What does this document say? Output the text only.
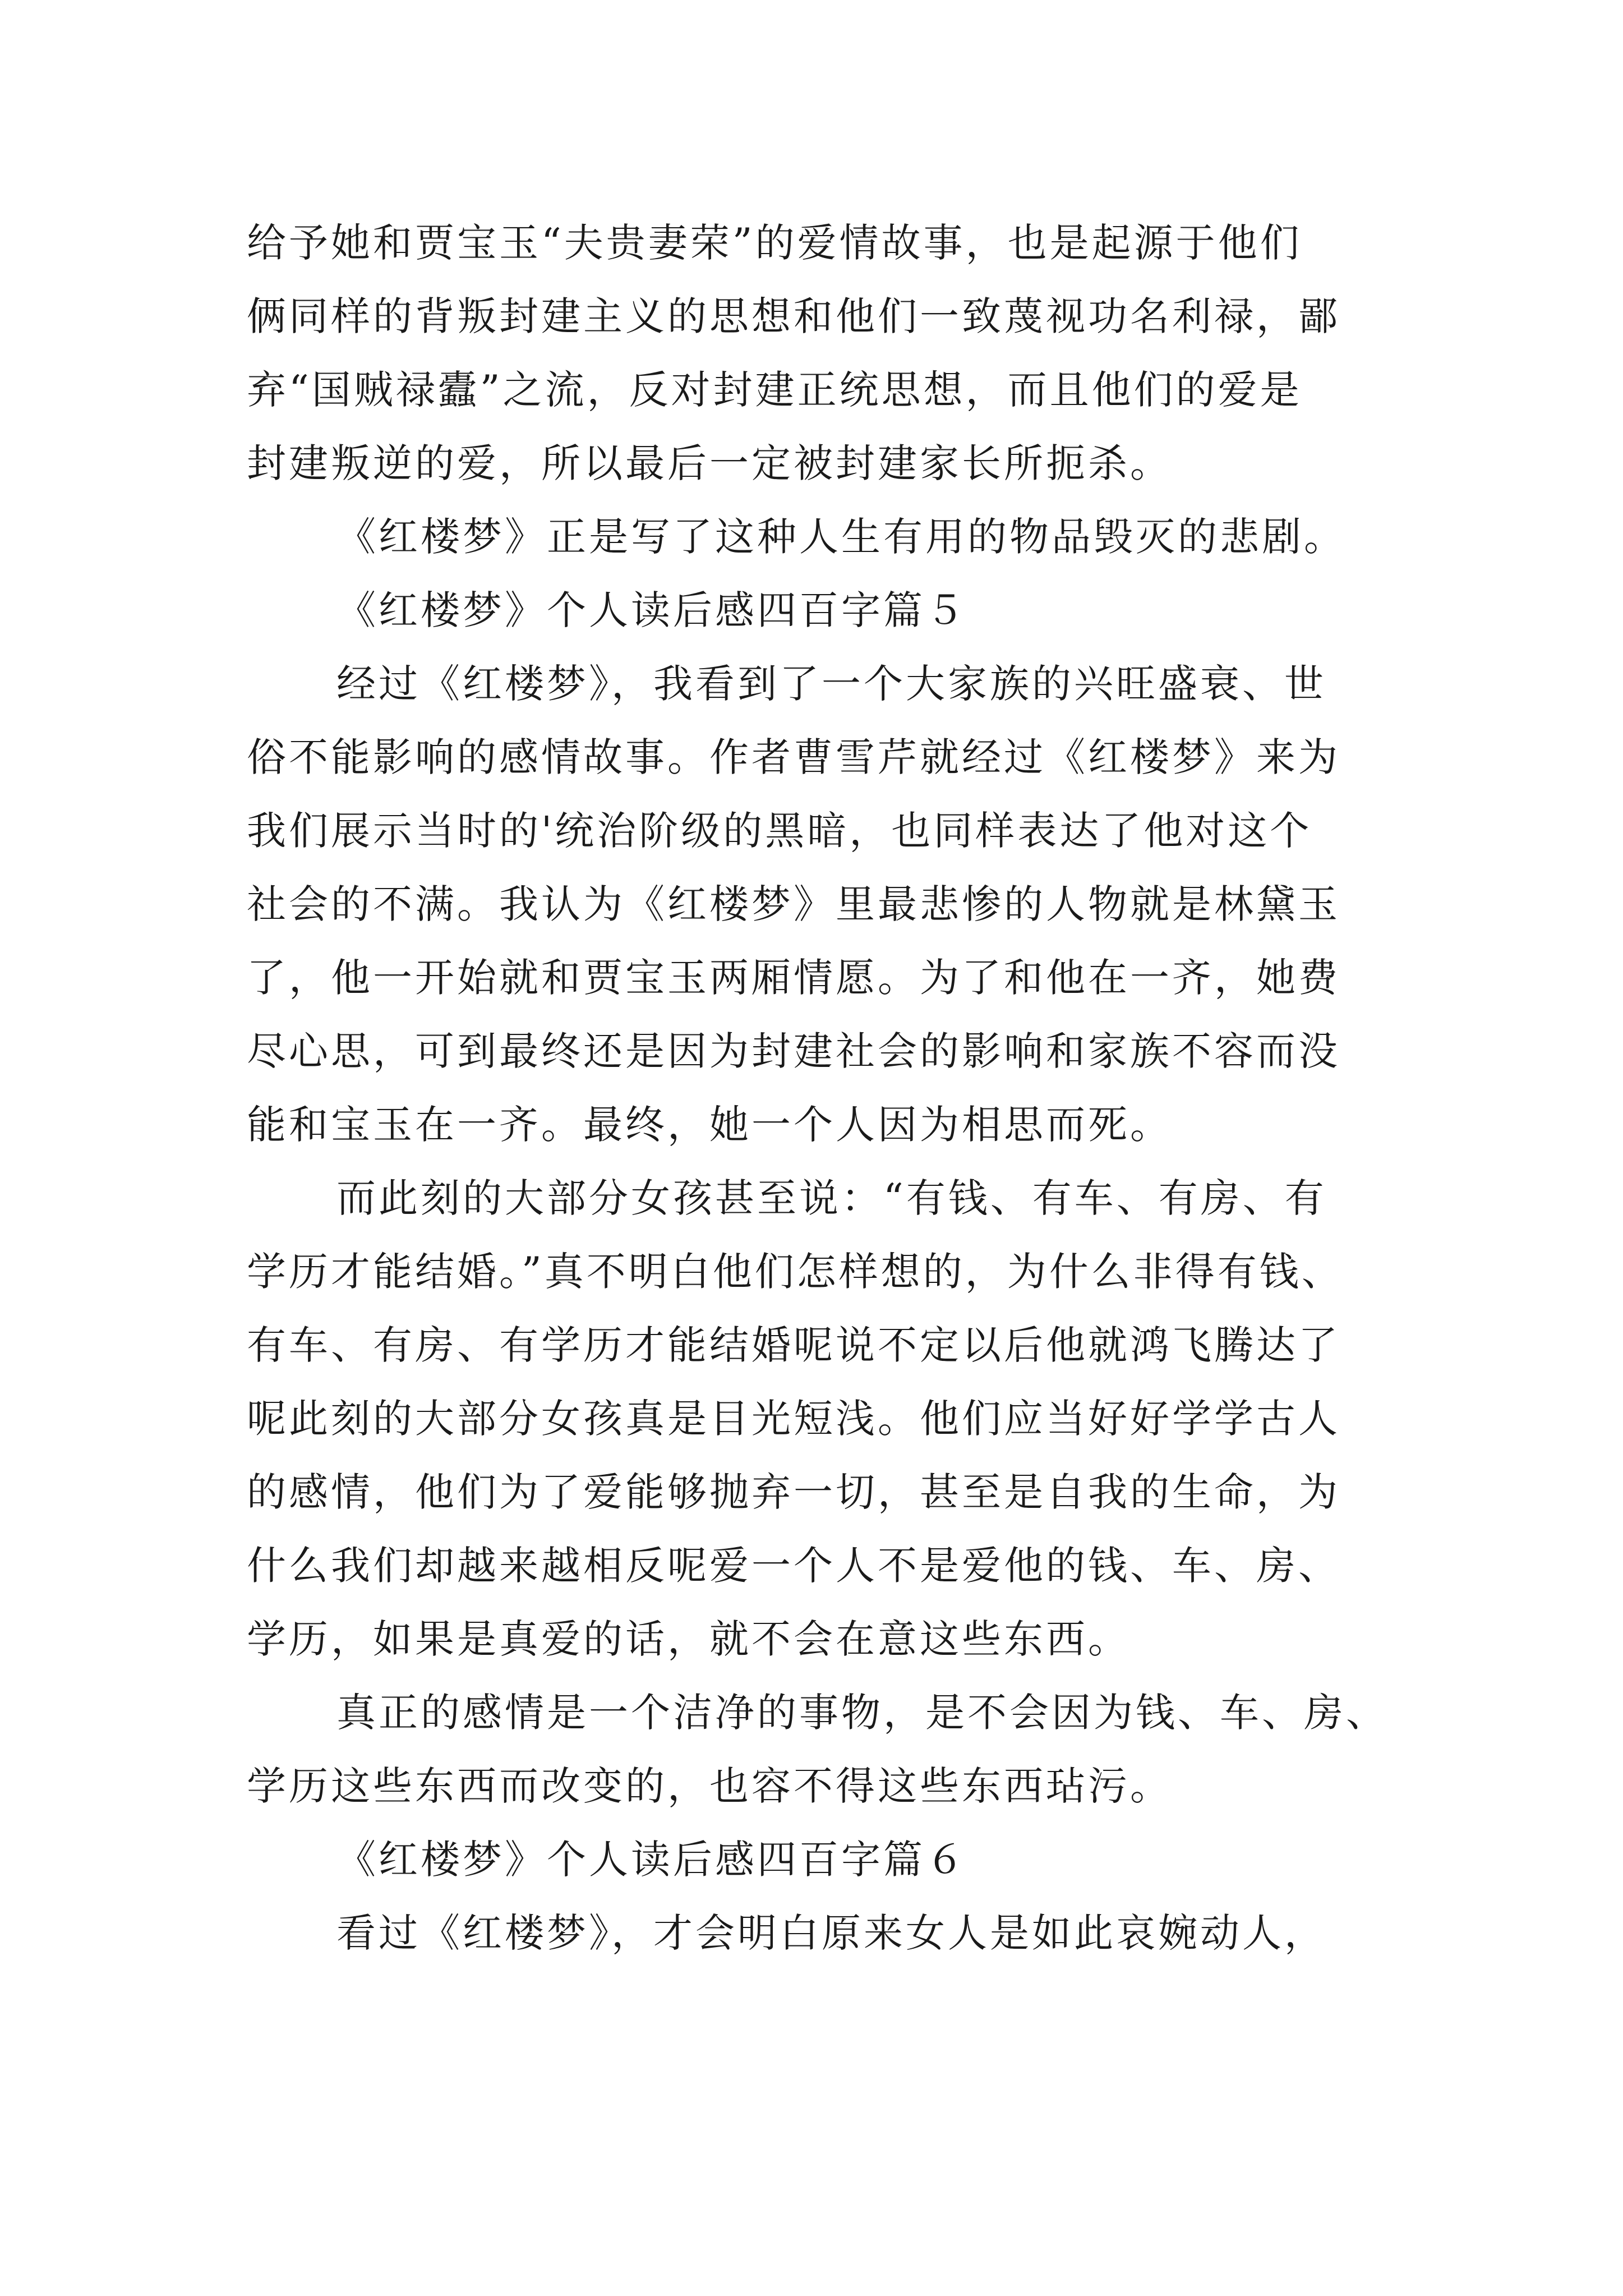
给予她和贾宝玉“夫贵妻荣”的爱情故事，也是起源于他们
俩同样的背叛封建主义的思想和他们一致蔑视功名利禄，鄙
弃“国贼禄蠹”之流，反对封建正统思想，而且他们的爱是
封建叛逆的爱，所以最后一定被封建家长所扼杀。
《红楼梦》正是写了这种人生有用的物品毁灭的悲剧。
《红楼梦》个人读后感四百字篇５
经过《红楼梦》，我看到了一个大家族的兴旺盛衰、世
俗不能影响的感情故事。作者曹雪芹就经过《红楼梦》来为
我们展示当时的'统治阶级的黑暗，也同样表达了他对这个
社会的不满。我认为《红楼梦》里最悲惨的人物就是林黛玉
了，他一开始就和贾宝玉两厢情愿。为了和他在一齐，她费
尽心思，可到最终还是因为封建社会的影响和家族不容而没
能和宝玉在一齐。最终，她一个人因为相思而死。
而此刻的大部分女孩甚至说：“有钱、有车、有房、有
学历才能结婚。”真不明白他们怎样想的，为什么非得有钱、
有车、有房、有学历才能结婚呢说不定以后他就鸿飞腾达了
呢此刻的大部分女孩真是目光短浅。他们应当好好学学古人
的感情，他们为了爱能够抛弃一切，甚至是自我的生命，为
什么我们却越来越相反呢爱一个人不是爱他的钱、车、房、
学历，如果是真爱的话，就不会在意这些东西。
真正的感情是一个洁净的事物，是不会因为钱、车、房、
学历这些东西而改变的，也容不得这些东西玷污。
《红楼梦》个人读后感四百字篇６
看过《红楼梦》，才会明白原来女人是如此哀婉动人，
